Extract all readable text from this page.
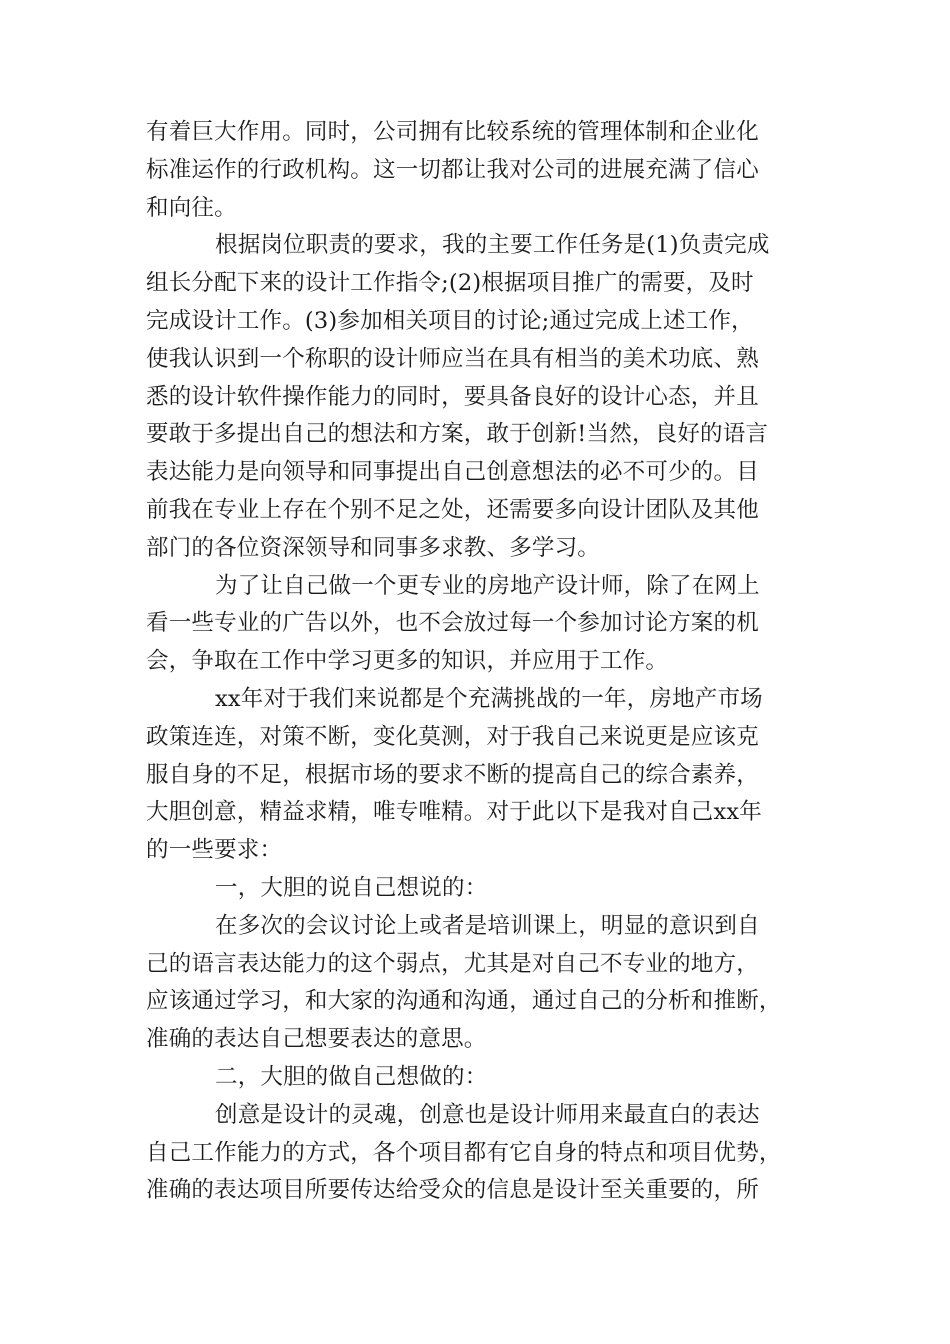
有着巨大作用。同时，公司拥有比较系统的管理体制和企业化
标准运作的行政机构。这一切都让我对公司的进展充满了信心
和向往。
根据岗位职责的要求，我的主要工作任务是(1)负责完成
组长分配下来的设计工作指令;(2)根据项目推广的需要，及时
完成设计工作。(3)参加相关项目的讨论;通过完成上述工作，
使我认识到一个称职的设计师应当在具有相当的美术功底、熟
悉的设计软件操作能力的同时，要具备良好的设计心态，并且
要敢于多提出自己的想法和方案，敢于创新!当然，良好的语言
表达能力是向领导和同事提出自己创意想法的必不可少的。目
前我在专业上存在个别不足之处，还需要多向设计团队及其他
部门的各位资深领导和同事多求教、多学习。
为了让自己做一个更专业的房地产设计师，除了在网上
看一些专业的广告以外，也不会放过每一个参加讨论方案的机
会，争取在工作中学习更多的知识，并应用于工作。
xx年对于我们来说都是个充满挑战的一年，房地产市场
政策连连，对策不断，变化莫测，对于我自己来说更是应该克
服自身的不足，根据市场的要求不断的提高自己的综合素养，
大胆创意，精益求精，唯专唯精。对于此以下是我对自己xx年
的一些要求：
一，大胆的说自己想说的：
在多次的会议讨论上或者是培训课上，明显的意识到自
己的语言表达能力的这个弱点，尤其是对自己不专业的地方，
应该通过学习，和大家的沟通和沟通，通过自己的分析和推断，
准确的表达自己想要表达的意思。
二，大胆的做自己想做的：
创意是设计的灵魂，创意也是设计师用来最直白的表达
自己工作能力的方式，各个项目都有它自身的特点和项目优势，
准确的表达项目所要传达给受众的信息是设计至关重要的，所
